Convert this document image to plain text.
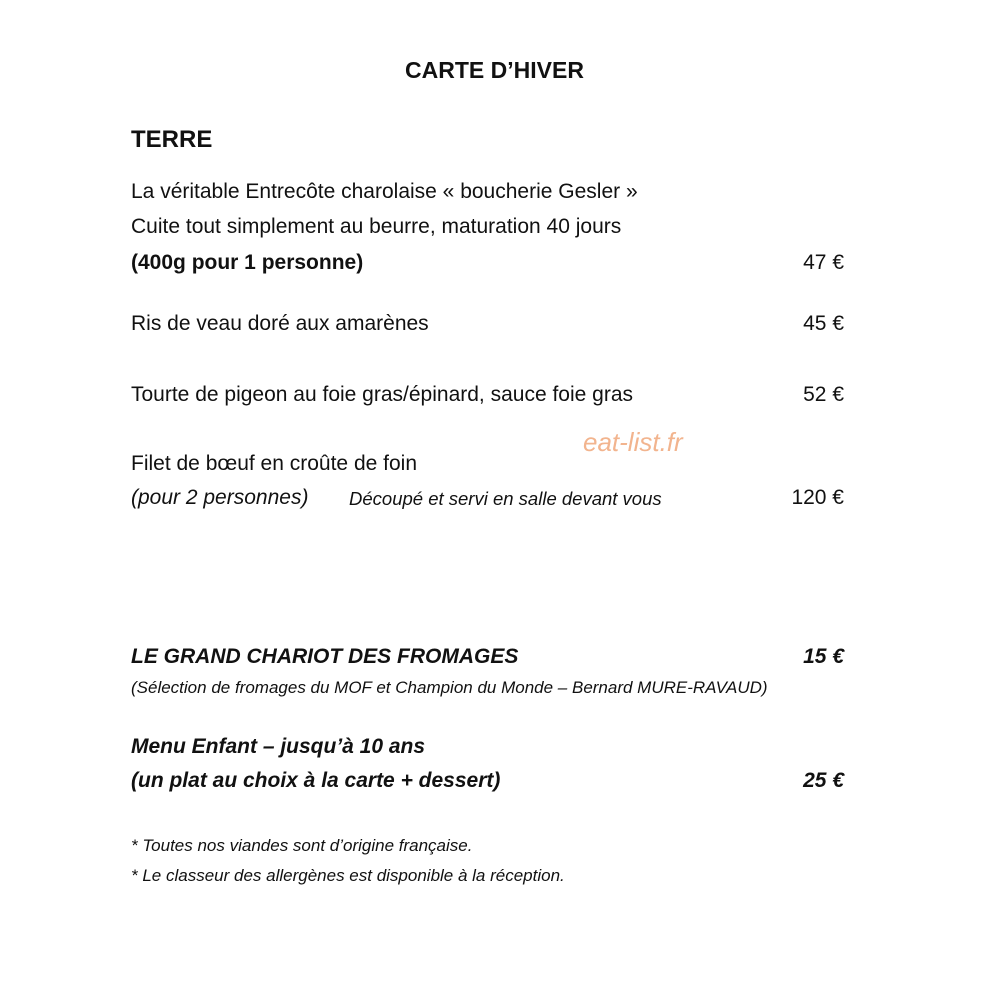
CARTE D’HIVER
TERRE
La véritable Entrecôte charolaise « boucherie Gesler »
Cuite tout simplement au beurre, maturation 40 jours
(400g pour 1 personne)	47 €
Ris de veau doré aux amarènes	45 €
Tourte de pigeon au foie gras/épinard, sauce foie gras	52 €
eat-list.fr
Filet de bœuf en croûte de foin
(pour 2 personnes) Découpé et servi en salle devant vous	120 €
LE GRAND CHARIOT DES FROMAGES	15 €
(Sélection de fromages du MOF et Champion du Monde – Bernard MURE-RAVAUD)
Menu Enfant – jusqu’à 10 ans
(un plat au choix à la carte + dessert)	25 €
* Toutes nos viandes sont d’origine française.
* Le classeur des allergènes est disponible à la réception.
